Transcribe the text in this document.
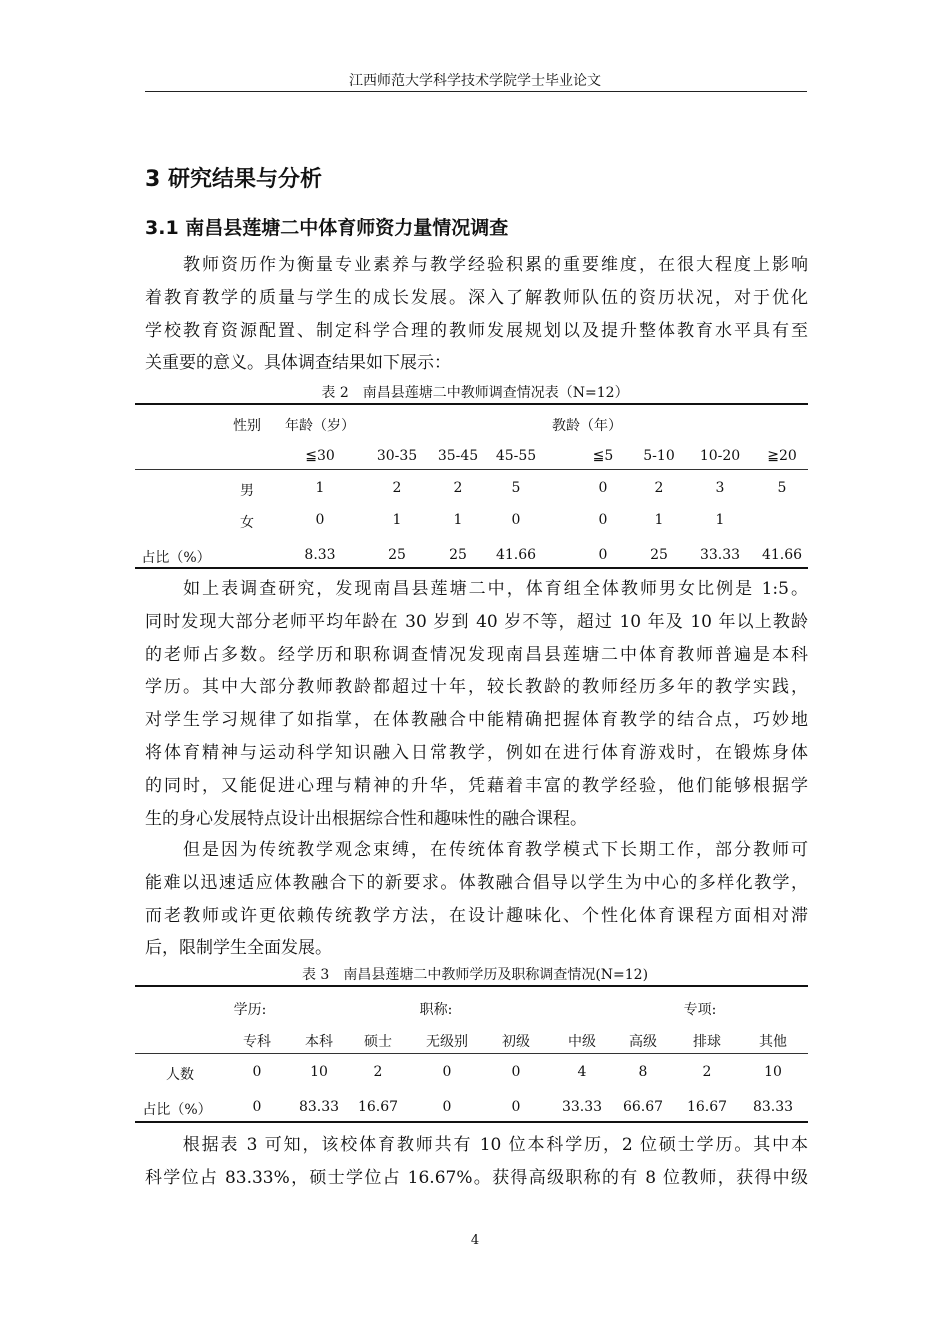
江西师范大学科学技术学院学士毕业论文
3 研究结果与分析
3.1 南昌县莲塘二中体育师资力量情况调查
　　教师资历作为衡量专业素养与教学经验积累的重要维度，在很大程度上影响
着教育教学的质量与学生的成长发展。深入了解教师队伍的资历状况，对于优化
学校教育资源配置、制定科学合理的教师发展规划以及提升整体教育水平具有至
关重要的意义。具体调查结果如下展示：
表 2　南昌县莲塘二中教师调查情况表（N=12）
性别 年龄（岁）	教龄（年）
≦30	30-35 35-45 45-55	≦5 5-10 10-20 ≧20
男	1	2	2	5	0	2	3	5
女	0	1	1	0	0	1	1
占比（%）	8.33	25	25 41.66	0	25 33.33 41.66
　　如上表调查研究，发现南昌县莲塘二中，体育组全体教师男女比例是 1:5。
同时发现大部分老师平均年龄在 30 岁到 40 岁不等，超过 10 年及 10 年以上教龄
的老师占多数。经学历和职称调查情况发现南昌县莲塘二中体育教师普遍是本科
学历。其中大部分教师教龄都超过十年，较长教龄的教师经历多年的教学实践，
对学生学习规律了如指掌，在体教融合中能精确把握体育教学的结合点，巧妙地
将体育精神与运动科学知识融入日常教学，例如在进行体育游戏时，在锻炼身体
的同时，又能促进心理与精神的升华，凭藉着丰富的教学经验，他们能够根据学
生的身心发展特点设计出根据综合性和趣味性的融合课程。
　　但是因为传统教学观念束缚，在传统体育教学模式下长期工作，部分教师可
能难以迅速适应体教融合下的新要求。体教融合倡导以学生为中心的多样化教学，
而老教师或许更依赖传统教学方法，在设计趣味化、个性化体育课程方面相对滞
后，限制学生全面发展。
表 3　南昌县莲塘二中教师学历及职称调查情况(N=12)
学历:	职称:	专项:
专科 本科 硕士 无级别 初级	中级 高级	排球	其他
人数	0	10	2	0	0	4	8	2	10
占比（%）	0	83.33 16.67	0	0	33.33 66.67 16.67 83.33
　　根据表 3 可知，该校体育教师共有 10 位本科学历，2 位硕士学历。其中本
科学位占 83.33%，硕士学位占 16.67%。获得高级职称的有 8 位教师，获得中级
4
